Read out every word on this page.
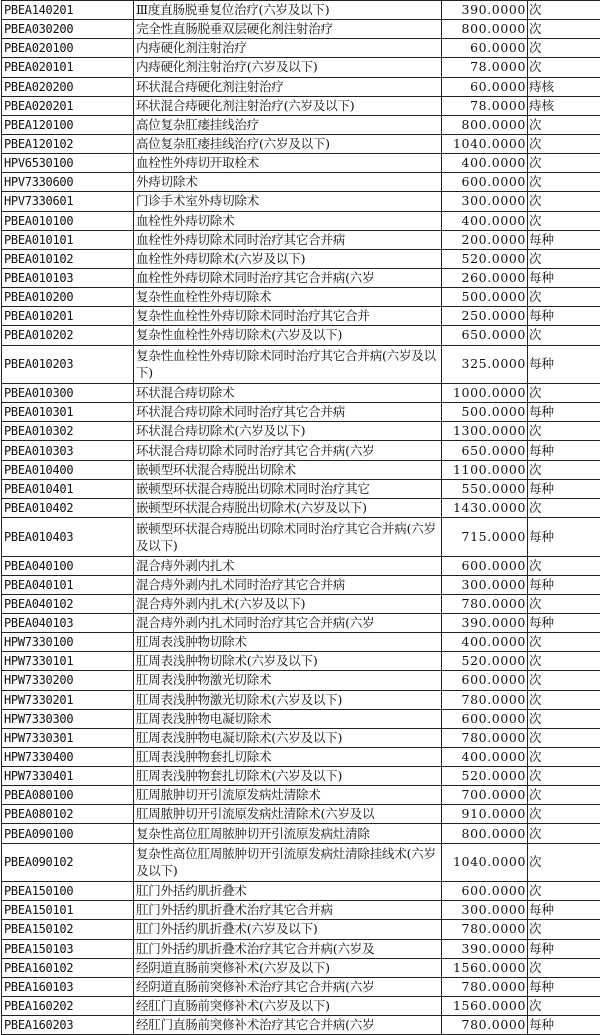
PBEA140201	Ⅲ度直肠脱垂复位治疗(六岁及以下)	390.0000	次
PBEA030200	完全性直肠脱垂双层硬化剂注射治疗	800.0000	次
PBEA020100	内痔硬化剂注射治疗	60.0000	次
PBEA020101	内痔硬化剂注射治疗(六岁及以下)	78.0000	次
PBEA020200	环状混合痔硬化剂注射治疗	60.0000	痔核
PBEA020201	环状混合痔硬化剂注射治疗(六岁及以下)	78.0000	痔核
PBEA120100	高位复杂肛瘘挂线治疗	800.0000	次
PBEA120102	高位复杂肛瘘挂线治疗(六岁及以下)	1040.0000	次
HPV6530100	血栓性外痔切开取栓术	400.0000	次
HPV7330600	外痔切除术	600.0000	次
HPV7330601	门诊手术室外痔切除术	300.0000	次
PBEA010100	血栓性外痔切除术	400.0000	次
PBEA010101	血栓性外痔切除术同时治疗其它合并病	200.0000	每种
PBEA010102	血栓性外痔切除术(六岁及以下)	520.0000	次
PBEA010103	血栓性外痔切除术同时治疗其它合并病(六岁	260.0000	每种
PBEA010200	复杂性血栓性外痔切除术	500.0000	次
PBEA010201	复杂性血栓性外痔切除术同时治疗其它合并	250.0000	每种
PBEA010202	复杂性血栓性外痔切除术(六岁及以下)	650.0000	次
PBEA010203	复杂性血栓性外痔切除术同时治疗其它合并病(六岁及以下)	325.0000	每种
PBEA010300	环状混合痔切除术	1000.0000	次
PBEA010301	环状混合痔切除术同时治疗其它合并病	500.0000	每种
PBEA010302	环状混合痔切除术(六岁及以下)	1300.0000	次
PBEA010303	环状混合痔切除术同时治疗其它合并病(六岁	650.0000	每种
PBEA010400	嵌顿型环状混合痔脱出切除术	1100.0000	次
PBEA010401	嵌顿型环状混合痔脱出切除术同时治疗其它	550.0000	每种
PBEA010402	嵌顿型环状混合痔脱出切除术(六岁及以下)	1430.0000	次
PBEA010403	嵌顿型环状混合痔脱出切除术同时治疗其它合并病(六岁及以下)	715.0000	每种
PBEA040100	混合痔外剥内扎术	600.0000	次
PBEA040101	混合痔外剥内扎术同时治疗其它合并病	300.0000	每种
PBEA040102	混合痔外剥内扎术(六岁及以下)	780.0000	次
PBEA040103	混合痔外剥内扎术同时治疗其它合并病(六岁	390.0000	每种
HPW7330100	肛周表浅肿物切除术	400.0000	次
HPW7330101	肛周表浅肿物切除术(六岁及以下)	520.0000	次
HPW7330200	肛周表浅肿物激光切除术	600.0000	次
HPW7330201	肛周表浅肿物激光切除术(六岁及以下)	780.0000	次
HPW7330300	肛周表浅肿物电凝切除术	600.0000	次
HPW7330301	肛周表浅肿物电凝切除术(六岁及以下)	780.0000	次
HPW7330400	肛周表浅肿物套扎切除术	400.0000	次
HPW7330401	肛周表浅肿物套扎切除术(六岁及以下)	520.0000	次
PBEA080100	肛周脓肿切开引流原发病灶清除术	700.0000	次
PBEA080102	肛周脓肿切开引流原发病灶清除术(六岁及以	910.0000	次
PBEA090100	复杂性高位肛周脓肿切开引流原发病灶清除	800.0000	次
PBEA090102	复杂性高位肛周脓肿切开引流原发病灶清除挂线术(六岁及以下)	1040.0000	次
PBEA150100	肛门外括约肌折叠术	600.0000	次
PBEA150101	肛门外括约肌折叠术治疗其它合并病	300.0000	每种
PBEA150102	肛门外括约肌折叠术(六岁及以下)	780.0000	次
PBEA150103	肛门外括约肌折叠术治疗其它合并病(六岁及	390.0000	每种
PBEA160102	经阴道直肠前突修补术(六岁及以下)	1560.0000	次
PBEA160103	经阴道直肠前突修补术治疗其它合并病(六岁	780.0000	每种
PBEA160202	经肛门直肠前突修补术(六岁及以下)	1560.0000	次
PBEA160203	经肛门直肠前突修补术治疗其它合并病(六岁	780.0000	每种
